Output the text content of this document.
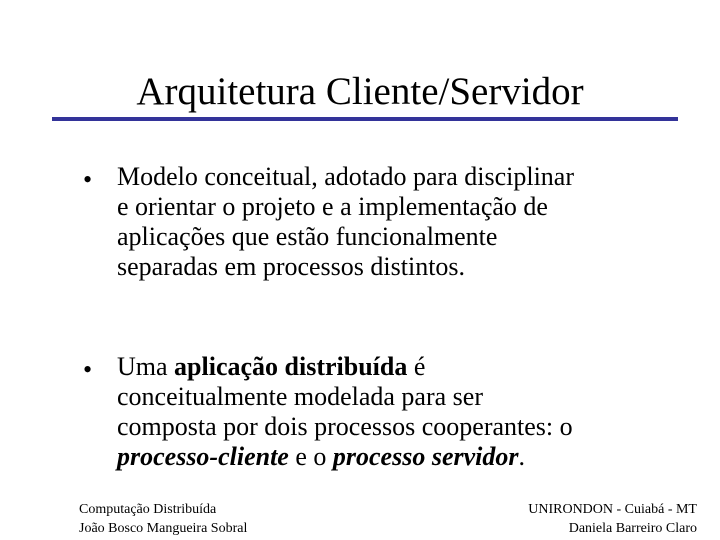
Arquitetura Cliente/Servidor
• Modelo conceitual, adotado para disciplinar
e orientar o projeto e a implementação de
aplicações que estão funcionalmente
separadas em processos distintos.
• Uma aplicação distribuída é
conceitualmente modelada para ser
composta por dois processos cooperantes: o
processo-cliente e o processo servidor.
Computação Distribuída
João Bosco Mangueira Sobral
UNIRONDON - Cuiabá - MT
Daniela Barreiro Claro
